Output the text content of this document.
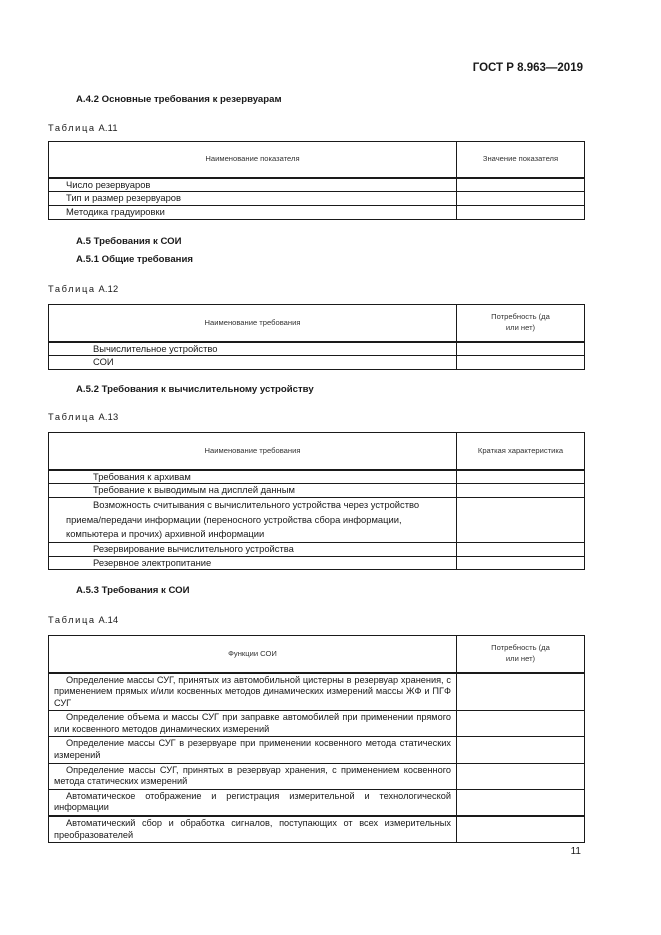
ГОСТ Р 8.963—2019
А.4.2 Основные требования к резервуарам
Таблица А.11
Наименование показателя	Значение показателя

Число резервуаров	

Тип и размер резервуаров	

Методика градуировки	

А.5 Требования к СОИ
А.5.1 Общие требования
Таблица А.12
Наименование требования	Потребность (да или нет)

Вычислительное устройство	

СОИ	

А.5.2 Требования к вычислительному устройству
Таблица А.13
Наименование требования	Краткая характеристика

Требования к архивам	

Требование к выводимым на дисплей данным	

Возможность считывания с вычислительного устройства через устройство
приема/передачи информации (переносного устройства сбора информации,
компьютера и прочих) архивной информации	

Резервирование вычислительного устройства	

Резервное электропитание	

А.5.3 Требования к СОИ
Таблица А.14
Функции СОИ	Потребность (да или нет)

Определение массы СУГ, принятых из автомобильной цистерны в резервуар хранения, с применением прямых и/или косвенных методов динамических измерений массы ЖФ и ПГФ СУГ	

Определение объема и массы СУГ при заправке автомобилей при применении прямого или косвенного методов динамических измерений	

Определение массы СУГ в резервуаре при применении косвенного метода статических измерений	

Определение массы СУГ, принятых в резервуар хранения, с применением косвенного метода статических измерений	

Автоматическое отображение и регистрация измерительной и технологической информации	

Автоматический сбор и обработка сигналов, поступающих от всех измерительных преобразователей	

11
